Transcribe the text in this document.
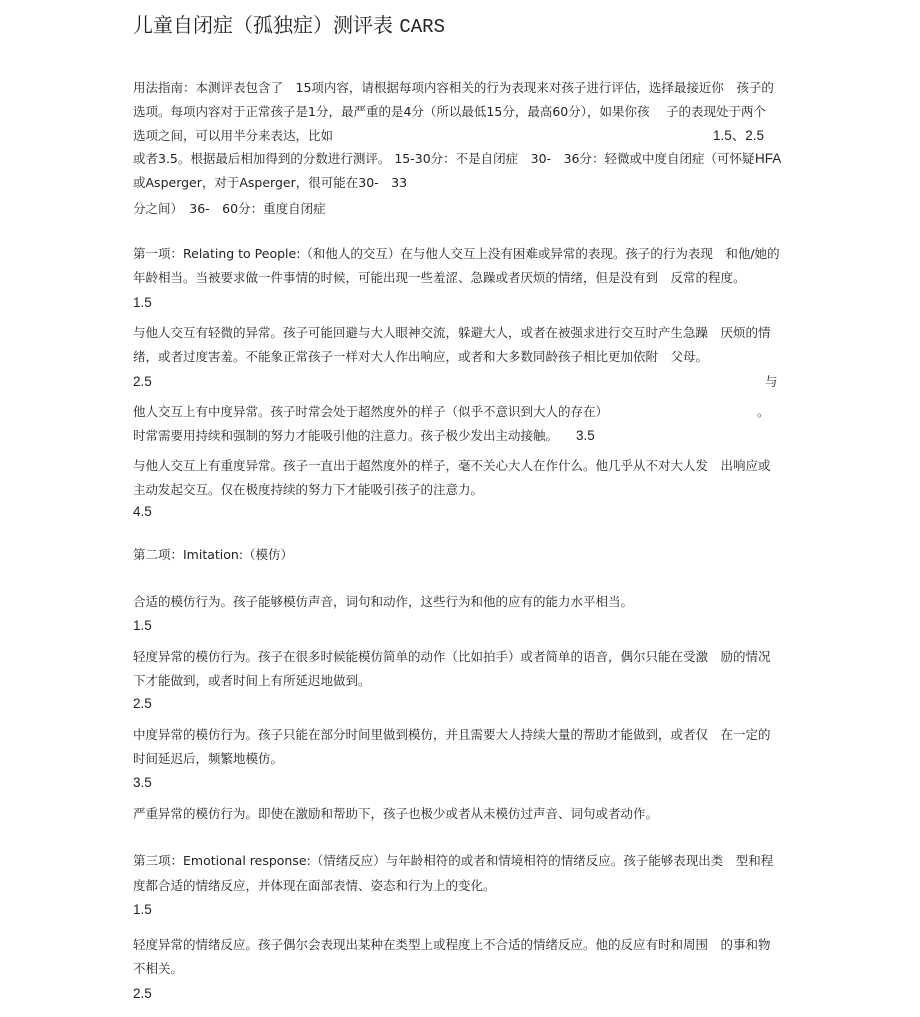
儿童自闭症（孤独症）测评表 CARS
用法指南：本测评表包含了　15项内容，请根据每项内容相关的行为表现来对孩子进行评估，选择最接近你　孩子的
选项。每项内容对于正常孩子是1分，最严重的是4分（所以最低15分，最高60分），如果你孩　 子的表现处于两个
选项之间，可以用半分来表达，比如	1.5、2.5
或者3.5。根据最后相加得到的分数进行测评。 15-30分：不是自闭症　30-　36分：轻微或中度自闭症（可怀疑 HFA
或Asperger，对于Asperger，很可能在30-　33
分之间）　36-　60分：重度自闭症
第一项：Relating to People:（和他人的交互）在与他人交互上没有困难或异常的表现。孩子的行为表现　和他/她的
年龄相当。当被要求做一件事情的时候，可能出现一些羞涩、急躁或者厌烦的情绪，但是没有到　反常的程度。
1.5
与他人交互有轻微的异常。孩子可能回避与大人眼神交流，躲避大人，或者在被强求进行交互时产生急躁　厌烦的情
绪，或者过度害羞。不能象正常孩子一样对大人作出响应，或者和大多数同龄孩子相比更加依附　父母。
2.5	与
他人交互上有中度异常。孩子时常会处于超然度外的样子（似乎不意识到大人的存在）	。
时常需要用持续和强制的努力才能吸引他的注意力。孩子极少发出主动接触。 3.5
与他人交互上有重度异常。孩子一直出于超然度外的样子，毫不关心大人在作什么。他几乎从不对大人发　出响应或
主动发起交互。仅在极度持续的努力下才能吸引孩子的注意力。
4.5
第二项：Imitation:（模仿）
合适的模仿行为。孩子能够模仿声音，词句和动作，这些行为和他的应有的能力水平相当。
1.5
轻度异常的模仿行为。孩子在很多时候能模仿简单的动作（比如拍手）或者简单的语音，偶尔只能在受激　励的情况
下才能做到，或者时间上有所延迟地做到。
2.5
中度异常的模仿行为。孩子只能在部分时间里做到模仿，并且需要大人持续大量的帮助才能做到，或者仅　在一定的
时间延迟后，频繁地模仿。
3.5
严重异常的模仿行为。即使在激励和帮助下，孩子也极少或者从未模仿过声音、词句或者动作。
第三项：Emotional response:（情绪反应）与年龄相符的或者和情境相符的情绪反应。孩子能够表现出类　型和程
度都合适的情绪反应，并体现在面部表情、姿态和行为上的变化。
1.5
轻度异常的情绪反应。孩子偶尔会表现出某种在类型上或程度上不合适的情绪反应。他的反应有时和周围　的事和物
不相关。
2.5
